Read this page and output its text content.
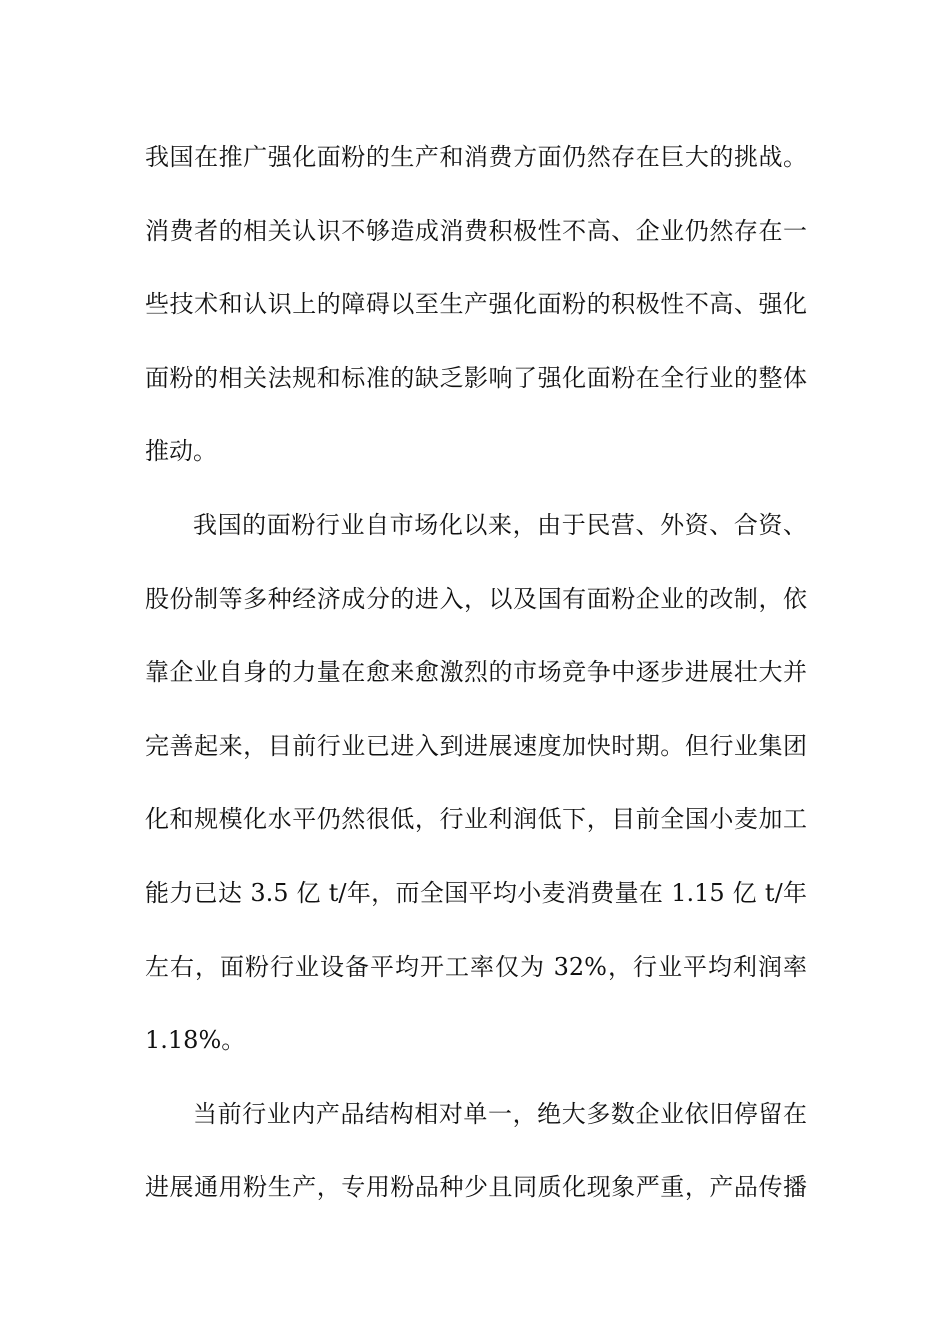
我国在推广强化面粉的生产和消费方面仍然存在巨大的挑战。
消费者的相关认识不够造成消费积极性不高、企业仍然存在一
些技术和认识上的障碍以至生产强化面粉的积极性不高、强化
面粉的相关法规和标准的缺乏影响了强化面粉在全行业的整体
推动。

我国的面粉行业自市场化以来，由于民营、外资、合资、
股份制等多种经济成分的进入，以及国有面粉企业的改制，依
靠企业自身的力量在愈来愈激烈的市场竞争中逐步进展壮大并
完善起来，目前行业已进入到进展速度加快时期。但行业集团
化和规模化水平仍然很低，行业利润低下，目前全国小麦加工
能力已达 3.5 亿 t/年，而全国平均小麦消费量在 1.15 亿 t/年
左右，面粉行业设备平均开工率仅为 32%，行业平均利润率
1.18%。

当前行业内产品结构相对单一，绝大多数企业依旧停留在
进展通用粉生产，专用粉品种少且同质化现象严重，产品传播
